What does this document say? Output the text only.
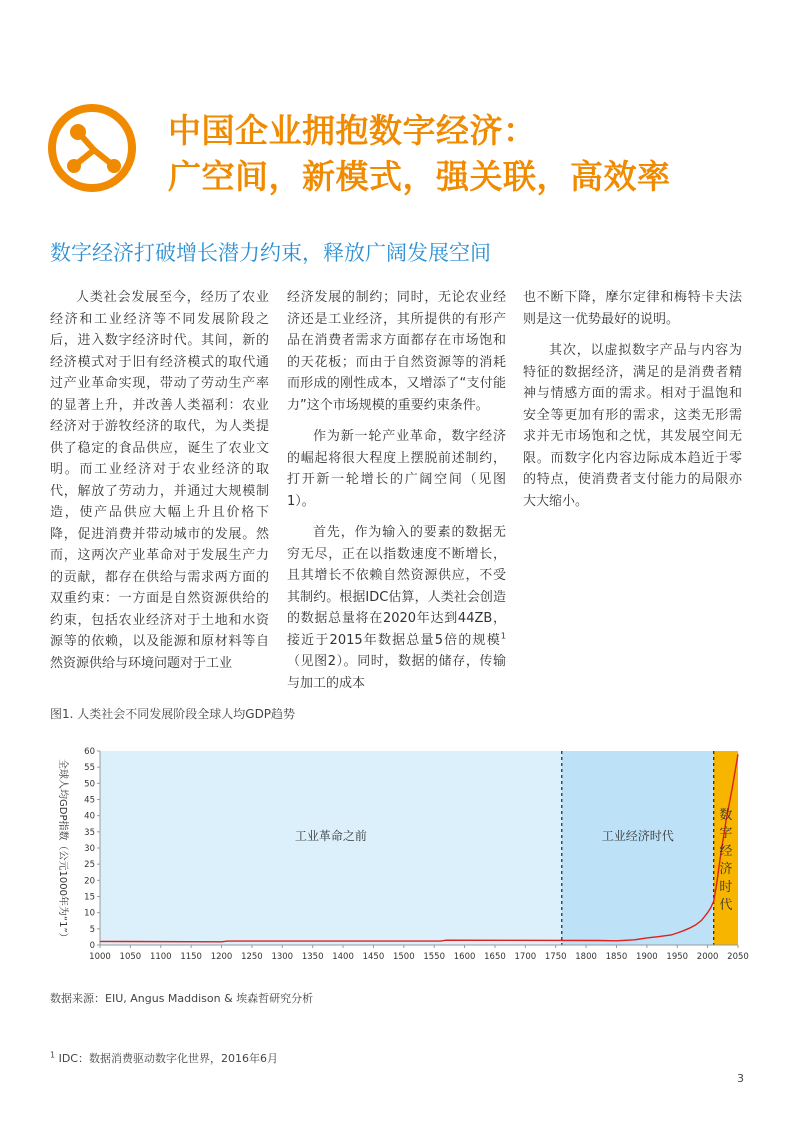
中国企业拥抱数字经济：
广空间，新模式，强关联，高效率
数字经济打破增长潜力约束，释放广阔发展空间

人类社会发展至今，经历了农业经济和工业经济等不同发展阶段之后，进入数字经济时代。其间，新的经济模式对于旧有经济模式的取代通过产业革命实现，带动了劳动生产率的显著上升，并改善人类福利：农业经济对于游牧经济的取代，为人类提供了稳定的食品供应，诞生了农业文明。而工业经济对于农业经济的取代，解放了劳动力，并通过大规模制造，使产品供应大幅上升且价格下降，促进消费并带动城市的发展。然而，这两次产业革命对于发展生产力的贡献，都存在供给与需求两方面的双重约束：一方面是自然资源供给的约束，包括农业经济对于土地和水资源等的依赖，以及能源和原材料等自然资源供给与环境问题对于工业

经济发展的制约；同时，无论农业经济还是工业经济，其所提供的有形产品在消费者需求方面都存在市场饱和的天花板；而由于自然资源等的消耗而形成的刚性成本，又增添了“支付能力”这个市场规模的重要约束条件。

作为新一轮产业革命，数字经济的崛起将很大程度上摆脱前述制约，打开新一轮增长的广阔空间（见图1）。

首先，作为输入的要素的数据无穷无尽，正在以指数速度不断增长，且其增长不依赖自然资源供应，不受其制约。根据IDC估算，人类社会创造的数据总量将在2020年达到44ZB，接近于2015年数据总量5倍的规模$^1$（见图2）。同时，数据的储存，传输与加工的成本

也不断下降，摩尔定律和梅特卡夫法则是这一优势最好的说明。

其次，以虚拟数字产品与内容为特征的数据经济，满足的是消费者精神与情感方面的需求。相对于温饱和安全等更加有形的需求，这类无形需求并无市场饱和之忧，其发展空间无限。而数字化内容边际成本趋近于零的特点，使消费者支付能力的局限亦大大缩小。

图1. 人类社会不同发展阶段全球人均GDP趋势
0
5
10
15
20
25
30
35
40
45
50
55
60
1000 1050 1100 1150 1200 1250 1300 1350 1400 1450 1500 1550 1600 1650 1700 1750 1800 1850 1900 1950 2000 2050
全球人均GDP指数（公元1000年为“1”）	工业革命之前	工业经济时代
数字经济时代
数据来源：EIU, Angus Maddison & 埃森哲研究分析
$^1$ IDC：数据消费驱动数字化世界，2016年6月
3
